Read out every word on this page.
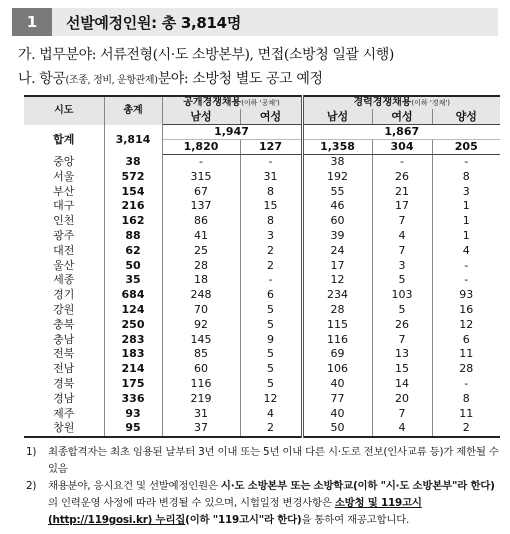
1	선발예정인원: 총 3,814명
가. 법무분야: 서류전형(시·도 소방본부), 면접(소방청 일괄 시행)
나. 항공(조종, 정비, 운항관제)분야: 소방청 별도 공고 예정
시도	총계	공개경쟁채용(이하 '공채')		경력경쟁채용(이하 '경채')		
		남성	여성	남성	여성	양성
합계	3,814	1,947		1,867		
		1,820	127	1,358	304	205
중앙	38	-	-	38	-	-
서울	572	315	31	192	26	8
부산	154	67	8	55	21	3
대구	216	137	15	46	17	1
인천	162	86	8	60	7	1
광주	88	41	3	39	4	1
대전	62	25	2	24	7	4
울산	50	28	2	17	3	-
세종	35	18	-	12	5	-
경기	684	248	6	234	103	93
강원	124	70	5	28	5	16
충북	250	92	5	115	26	12
충남	283	145	9	116	7	6
전북	183	85	5	69	13	11
전남	214	60	5	106	15	28
경북	175	116	5	40	14	-
경남	336	219	12	77	20	8
제주	93	31	4	40	7	11
창원	95	37	2	50	4	2
1) 최종합격자는 최초 임용된 날부터 3년 이내 또는 5년 이내 다른 시·도로 전보(인사교류 등)가 제한될 수 있음
2) 채용분야, 응시요건 및 선발예정인원은 시·도 소방본부 또는 소방학교(이하 "시·도 소방본부"라 한다)의 인력운영 사정에 따라 변경될 수 있으며, 시험일정 변경사항은 소방청 및 119고시(http://119gosi.kr) 누리집(이하 "119고시"라 한다)을 통하여 재공고합니다.
